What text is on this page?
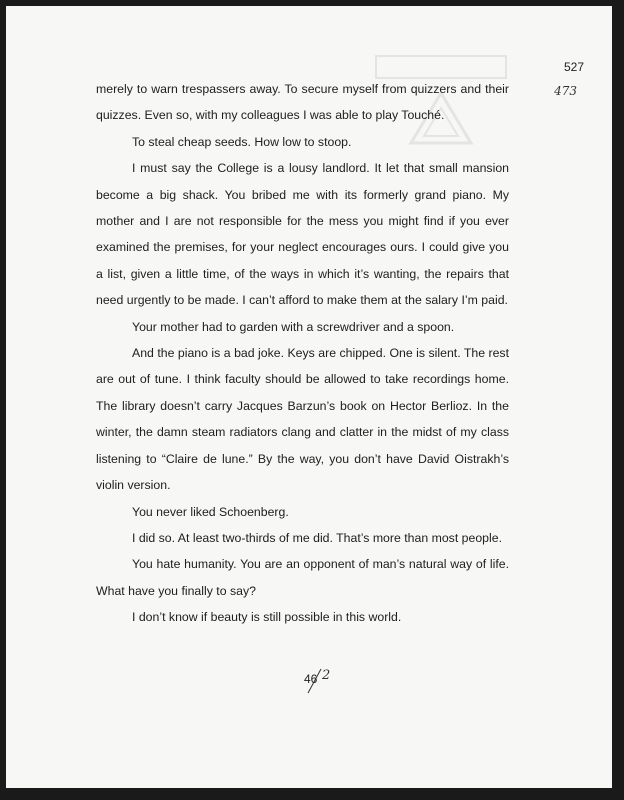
527
473

merely to warn trespassers away. To secure myself from quizzers and their quizzes. Even so, with my colleagues I was able to play Touché.

To steal cheap seeds. How low to stoop.

I must say the College is a lousy landlord. It let that small mansion become a big shack. You bribed me with its formerly grand piano. My mother and I are not responsible for the mess you might find if you ever examined the premises, for your neglect encourages ours. I could give you a list, given a little time, of the ways in which it’s wanting, the repairs that need urgently to be made. I can’t afford to make them at the salary I’m paid.

Your mother had to garden with a screwdriver and a spoon.

And the piano is a bad joke. Keys are chipped. One is silent. The rest are out of tune. I think faculty should be allowed to take recordings home. The library doesn’t carry Jacques Barzun’s book on Hector Berlioz. In the winter, the damn steam radiators clang and clatter in the midst of my class listening to “Claire de lune.” By the way, you don’t have David Oistrakh’s violin version.

You never liked Schoenberg.

I did so. At least two-thirds of me did. That’s more than most people.

You hate humanity. You are an opponent of man’s natural way of life. What have you finally to say?

I don’t know if beauty is still possible in this world.

46 2
